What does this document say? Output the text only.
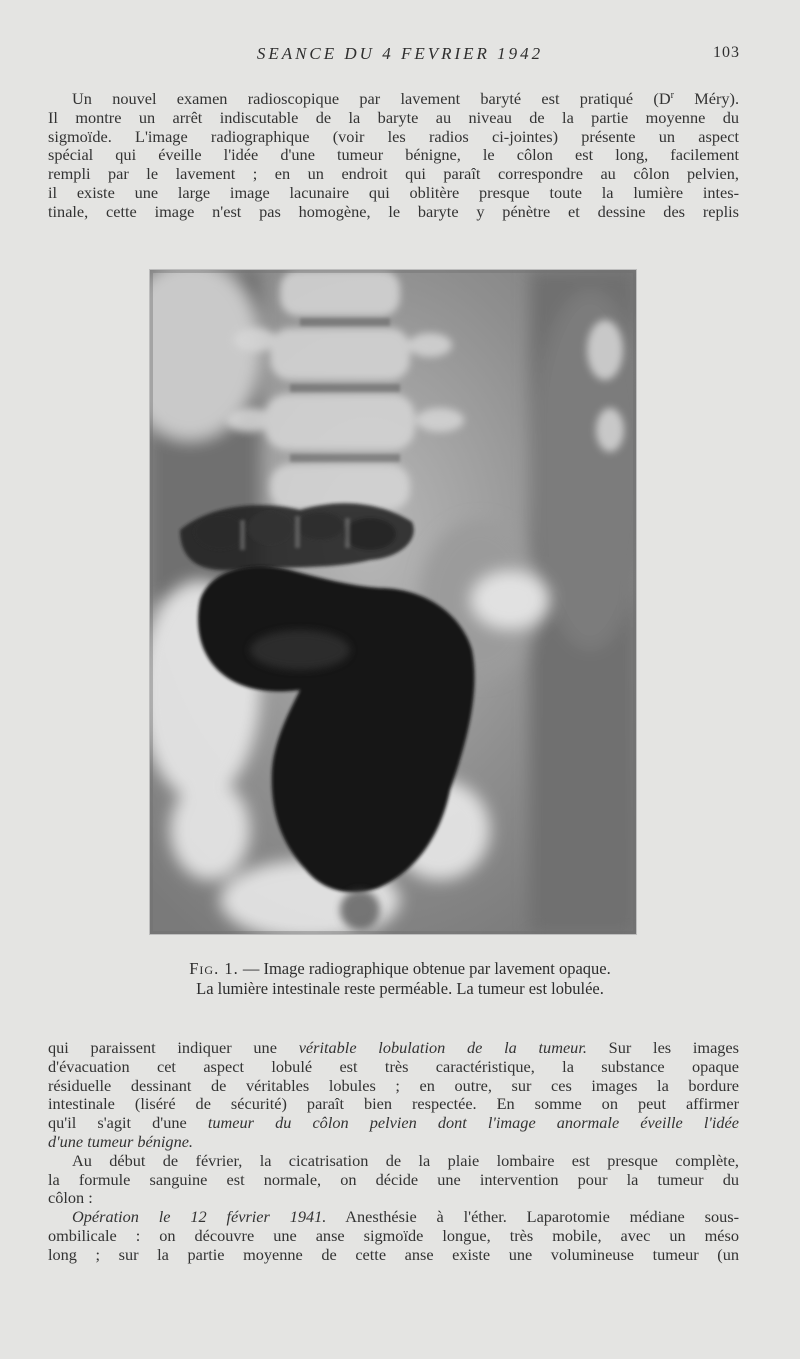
SEANCE DU 4 FEVRIER 1942	103
Un nouvel examen radioscopique par lavement baryté est pratiqué ($D^r$ Méry).
Il montre un arrêt indiscutable de la baryte au niveau de la partie moyenne du
sigmoïde. L'image radiographique (voir les radios ci-jointes) présente un aspect
spécial qui éveille l'idée d'une tumeur bénigne, le côlon est long, facilement
rempli par le lavement ; en un endroit qui paraît correspondre au côlon pelvien,
il existe une large image lacunaire qui oblitère presque toute la lumière intes-
tinale, cette image n'est pas homogène, le baryte y pénètre et dessine des replis
Fig. 1. — Image radiographique obtenue par lavement opaque.
La lumière intestinale reste perméable. La tumeur est lobulée.
qui paraissent indiquer une véritable lobulation de la tumeur. Sur les images
d'évacuation cet aspect lobulé est très caractéristique, la substance opaque
résiduelle dessinant de véritables lobules ; en outre, sur ces images la bordure
intestinale (liséré de sécurité) paraît bien respectée. En somme on peut affirmer
qu'il s'agit d'une tumeur du côlon pelvien dont l'image anormale éveille l'idée
d'une tumeur bénigne.
Au début de février, la cicatrisation de la plaie lombaire est presque complète,
la formule sanguine est normale, on décide une intervention pour la tumeur du
côlon :
Opération le 12 février 1941. Anesthésie à l'éther. Laparotomie médiane sous-
ombilicale : on découvre une anse sigmoïde longue, très mobile, avec un méso
long ; sur la partie moyenne de cette anse existe une volumineuse tumeur (un
